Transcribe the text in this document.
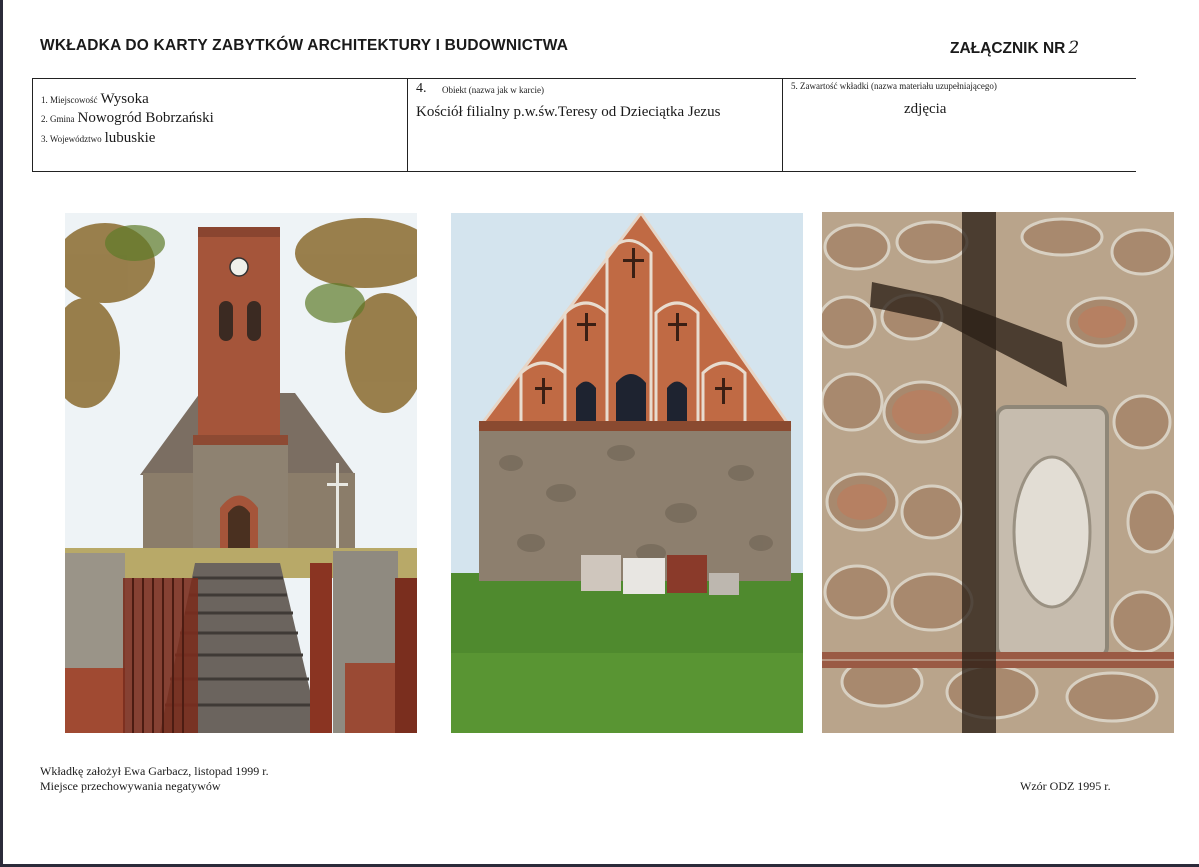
WKŁADKA DO KARTY ZABYTKÓW ARCHITEKTURY I BUDOWNICTWA	ZAŁĄCZNIK NR 2
1. Miejscowość Wysoka
2. Gmina Nowogród Bobrzański
3. Województwo lubuskie
4. Obiekt (nazwa jak w karcie)
Kościół filialny p.w.św.Teresy od Dzieciątka Jezus
5. Zawartość wkładki (nazwa materiału uzupełniającego)
zdjęcia
Wkładkę założył Ewa Garbacz, listopad 1999 r.
Miejsce przechowywania negatywów	Wzór ODZ 1995 r.
